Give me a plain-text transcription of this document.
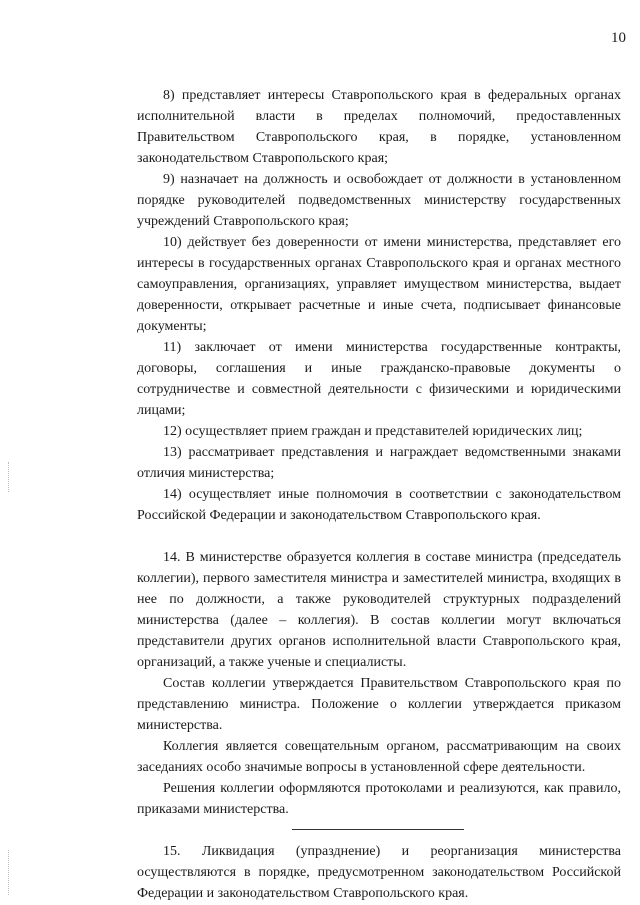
10

8) представляет интересы Ставропольского края в федеральных органах исполнительной власти в пределах полномочий, предоставленных Правительством Ставропольского края, в порядке, установленном законодательством Ставропольского края;

9) назначает на должность и освобождает от должности в установленном порядке руководителей подведомственных министерству государственных учреждений Ставропольского края;

10) действует без доверенности от имени министерства, представляет его интересы в государственных органах Ставропольского края и органах местного самоуправления, организациях, управляет имуществом министерства, выдает доверенности, открывает расчетные и иные счета, подписывает финансовые документы;

11) заключает от имени министерства государственные контракты, договоры, соглашения и иные гражданско-правовые документы о сотрудничестве и совместной деятельности с физическими и юридическими лицами;

12) осуществляет прием граждан и представителей юридических лиц;

13) рассматривает представления и награждает ведомственными знаками отличия министерства;

14) осуществляет иные полномочия в соответствии с законодательством Российской Федерации и законодательством Ставропольского края.

14. В министерстве образуется коллегия в составе министра (председатель коллегии), первого заместителя министра и заместителей министра, входящих в нее по должности, а также руководителей структурных подразделений министерства (далее – коллегия). В состав коллегии могут включаться представители других органов исполнительной власти Ставропольского края, организаций, а также ученые и специалисты.

Состав коллегии утверждается Правительством Ставропольского края по представлению министра. Положение о коллегии утверждается приказом министерства.

Коллегия является совещательным органом, рассматривающим на своих заседаниях особо значимые вопросы в установленной сфере деятельности.

Решения коллегии оформляются протоколами и реализуются, как правило, приказами министерства.

15. Ликвидация (упразднение) и реорганизация министерства осуществляются в порядке, предусмотренном законодательством Российской Федерации и законодательством Ставропольского края.
